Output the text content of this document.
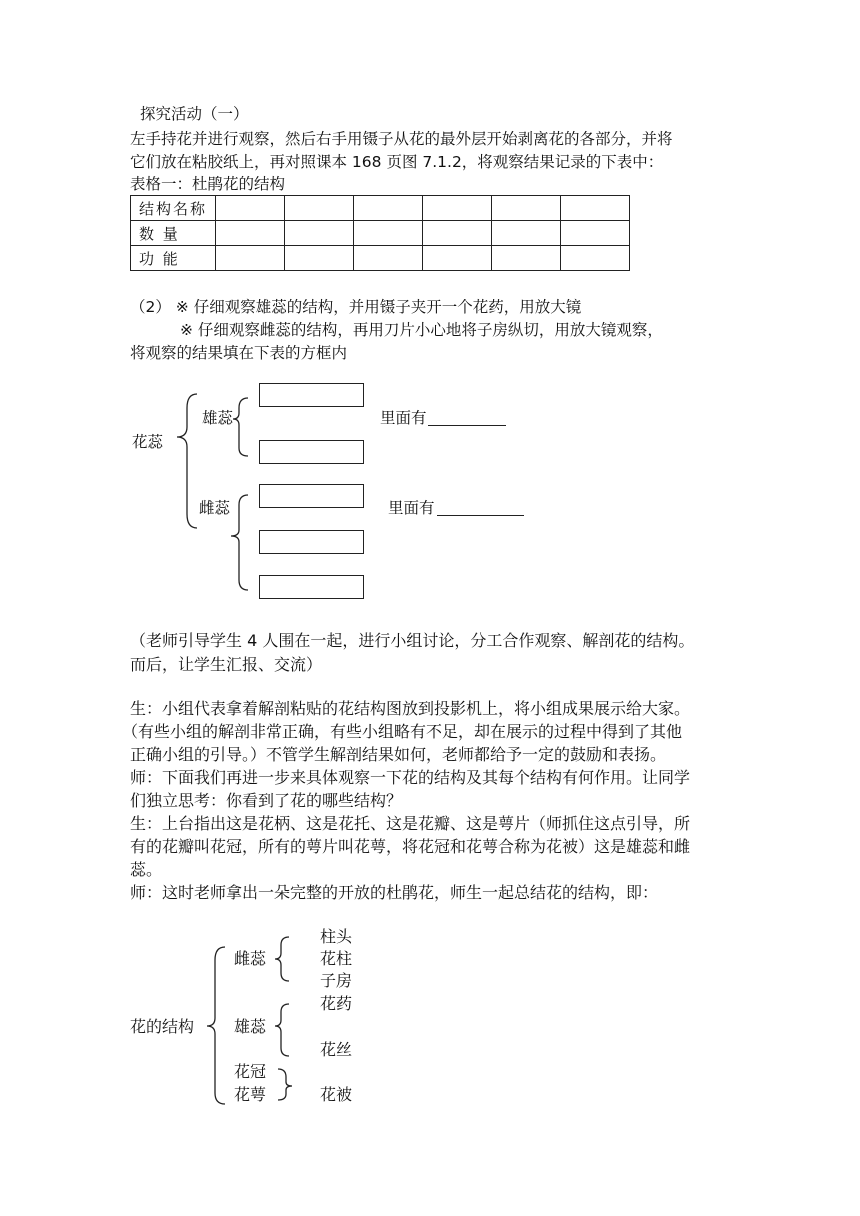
探究活动（一）
左手持花并进行观察，然后右手用镊子从花的最外层开始剥离花的各部分，并将
它们放在粘胶纸上，再对照课本 168 页图 7.1.2，将观察结果记录的下表中：
表格一：杜鹃花的结构
结构名称						
数 量						
功 能						
（2） ※ 仔细观察雄蕊的结构，并用镊子夹开一个花药，用放大镜
※ 仔细观察雌蕊的结构，再用刀片小心地将子房纵切，用放大镜观察，
将观察的结果填在下表的方框内
花蕊
雄蕊
雌蕊
里面有
里面有
（老师引导学生 4 人围在一起，进行小组讨论，分工合作观察、解剖花的结构。
而后，让学生汇报、交流）
生：小组代表拿着解剖粘贴的花结构图放到投影机上，将小组成果展示给大家。
（有些小组的解剖非常正确，有些小组略有不足，却在展示的过程中得到了其他
正确小组的引导。）不管学生解剖结果如何，老师都给予一定的鼓励和表扬。
师：下面我们再进一步来具体观察一下花的结构及其每个结构有何作用。让同学
们独立思考：你看到了花的哪些结构？
生：上台指出这是花柄、这是花托、这是花瓣、这是萼片（师抓住这点引导，所
有的花瓣叫花冠，所有的萼片叫花萼，将花冠和花萼合称为花被）这是雄蕊和雌
蕊。
师：这时老师拿出一朵完整的开放的杜鹃花，师生一起总结花的结构，即：
花的结构
雌蕊
柱头
花柱
子房
雄蕊
花药
花丝
花冠
花萼	花被
